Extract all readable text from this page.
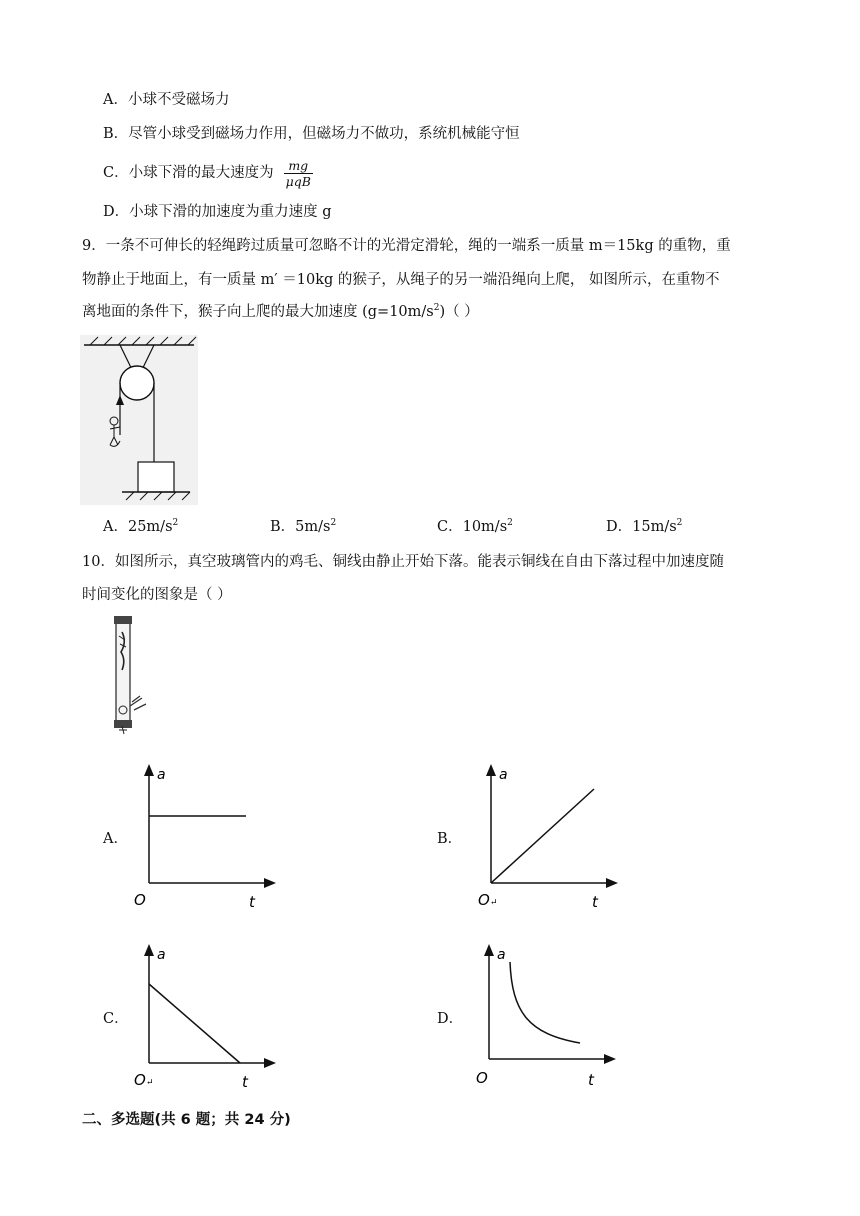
A．小球不受磁场力
B．尽管小球受到磁场力作用，但磁场力不做功，系统机械能守恒
C．小球下滑的最大速度为 $\frac{mg}{\text{μqB}}$
D．小球下滑的加速度为重力速度 g
9．一条不可伸长的轻绳跨过质量可忽略不计的光滑定滑轮，绳的一端系一质量 m＝15kg 的重物，重
物静止于地面上，有一质量 m′ ＝10kg 的猴子，从绳子的另一端沿绳向上爬， 如图所示，在重物不
离地面的条件下，猴子向上爬的最大加速度 $(g=10m/s^2)$（ ）
A．$25m/s^2$	B．$5m/s^2$	C．$10m/s^2$	D．$15m/s^2$
10．如图所示，真空玻璃管内的鸡毛、铜线由静止开始下落。能表示铜线在自由下落过程中加速度随
时间变化的图象是（ ）
A．	B．
C．	D．
a
O	t
a
O ↵	t
a
O ↵	t
a
O	t
二、多选题(共 6 题；共 24 分)
